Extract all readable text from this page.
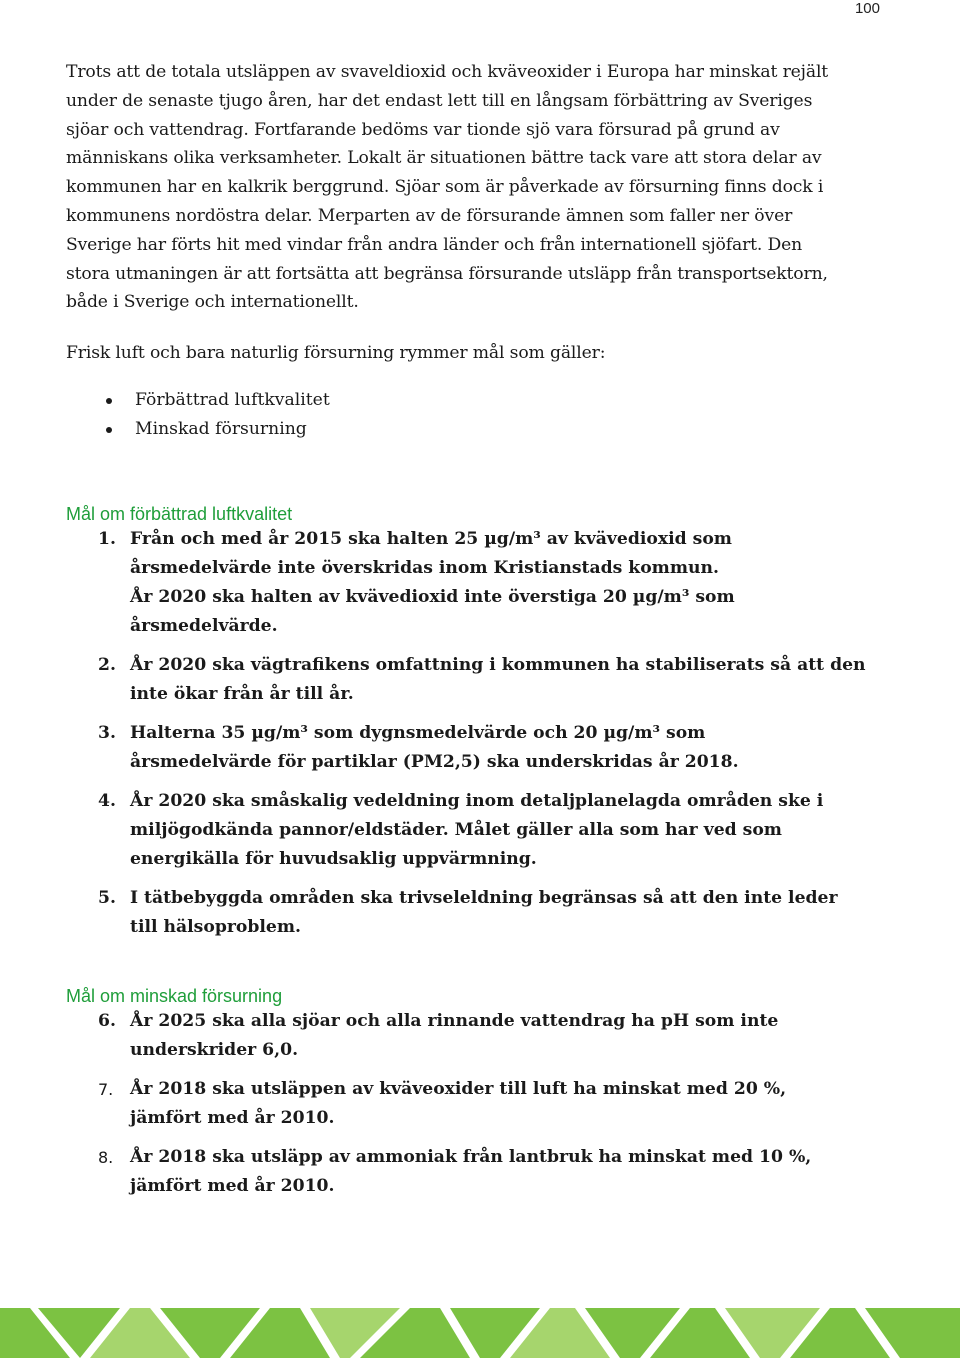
100

Trots att de totala utsläppen av svaveldioxid och kväveoxider i Europa har minskat rejält
under de senaste tjugo åren, har det endast lett till en långsam förbättring av Sveriges
sjöar och vattendrag. Fortfarande bedöms var tionde sjö vara försurad på grund av
människans olika verksamheter. Lokalt är situationen bättre tack vare att stora delar av
kommunen har en kalkrik berggrund. Sjöar som är påverkade av försurning finns dock i
kommunens nordöstra delar. Merparten av de försurande ämnen som faller ner över
Sverige har förts hit med vindar från andra länder och från internationell sjöfart. Den
stora utmaningen är att fortsätta att begränsa försurande utsläpp från transportsektorn,
både i Sverige och internationellt.

Frisk luft och bara naturlig försurning rymmer mål som gäller:

Förbättrad luftkvalitet
Minskad försurning
Mål om förbättrad luftkvalitet
1. Från och med år 2015 ska halten 25 µg/m³ av kvävedioxid som
årsmedelvärde inte överskridas inom Kristianstads kommun.
År 2020 ska halten av kvävedioxid inte överstiga 20 µg/m³ som
årsmedelvärde.
2. År 2020 ska vägtrafikens omfattning i kommunen ha stabiliserats så att den
inte ökar från år till år.
3. Halterna 35 µg/m³ som dygnsmedelvärde och 20 µg/m³ som
årsmedelvärde för partiklar (PM2,5) ska underskridas år 2018.
4. År 2020 ska småskalig vedeldning inom detaljplanelagda områden ske i
miljögodkända pannor/eldstäder. Målet gäller alla som har ved som
energikälla för huvudsaklig uppvärmning.
5. I tätbebyggda områden ska trivseleldning begränsas så att den inte leder
till hälsoproblem.
Mål om minskad försurning
6. År 2025 ska alla sjöar och alla rinnande vattendrag ha pH som inte
underskrider 6,0.
7. År 2018 ska utsläppen av kväveoxider till luft ha minskat med 20 %,
jämfört med år 2010.
8. År 2018 ska utsläpp av ammoniak från lantbruk ha minskat med 10 %,
jämfört med år 2010.
